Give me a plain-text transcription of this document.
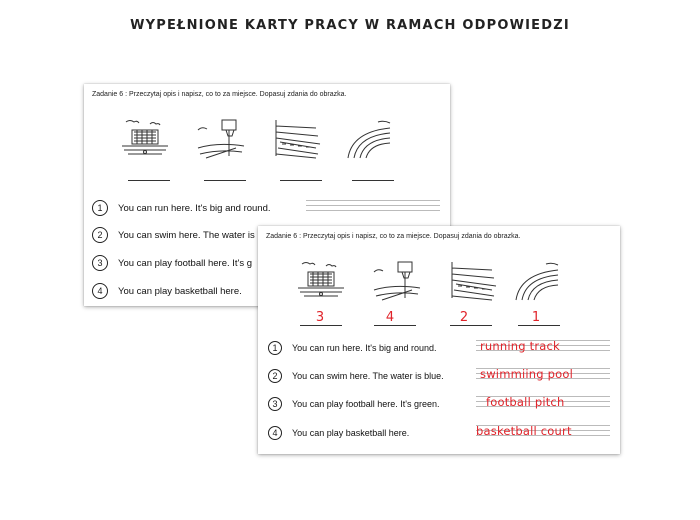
WYPEŁNIONE KARTY PRACY W RAMACH ODPOWIEDZI
Zadanie 6 : Przeczytaj opis i napisz, co to za miejsce. Dopasuj zdania do obrazka.
1	You can run here. It's big and round.
2	You can swim here. The water is
3	You can play football here. It's g
4	You can play basketball here.
Zadanie 6 : Przeczytaj opis i napisz, co to za miejsce. Dopasuj zdania do obrazka.
3	4	2	1
1	You can run here. It's big and round.	running track
2	You can swim here. The water is blue.	swimmiing pool
3	You can play football here. It's green.	football pitch
4	You can play basketball here.	basketball court
